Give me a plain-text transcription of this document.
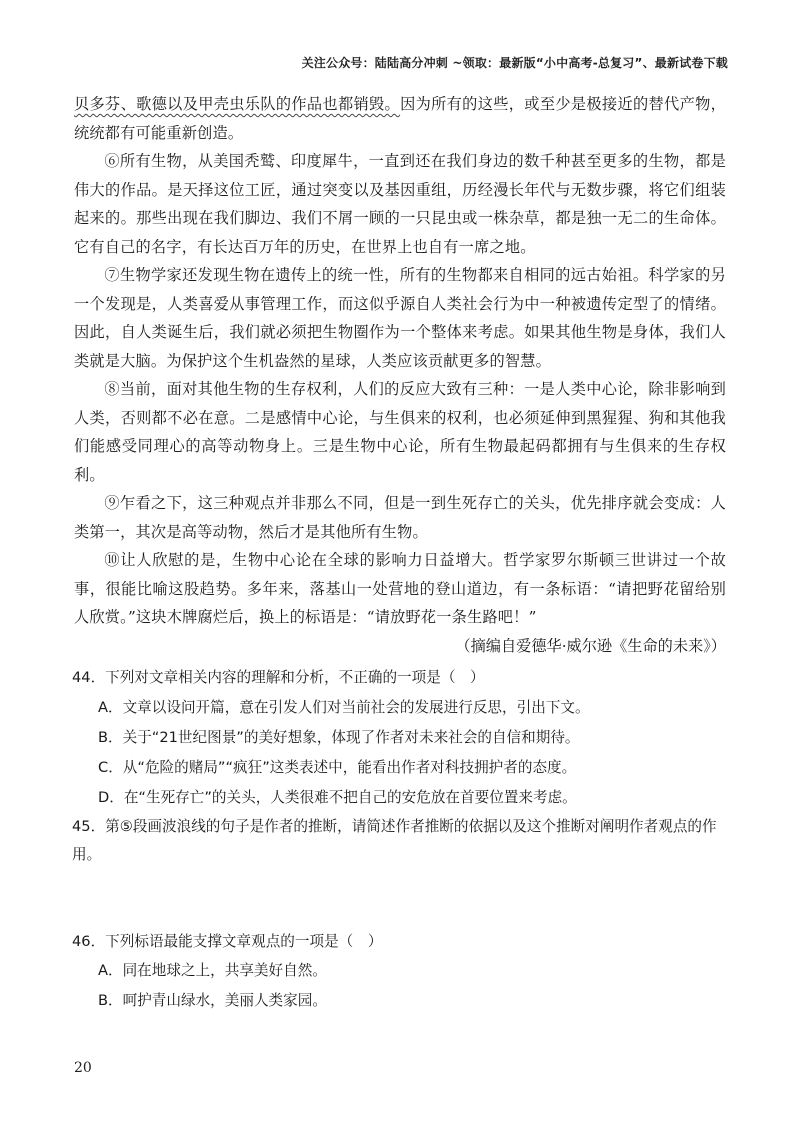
关注公众号：陆陆高分冲刺 ~领取：最新版“小中高考-总复习”、最新试卷下载

贝多芬、歌德以及甲壳虫乐队的作品也都销毁。因为所有的这些，或至少是极接近的替代产物，统统都有可能重新创造。

⑥所有生物，从美国秃鹫、印度犀牛，一直到还在我们身边的数千种甚至更多的生物，都是伟大的作品。是天择这位工匠，通过突变以及基因重组，历经漫长年代与无数步骤，将它们组装起来的。那些出现在我们脚边、我们不屑一顾的一只昆虫或一株杂草，都是独一无二的生命体。它有自己的名字，有长达百万年的历史，在世界上也自有一席之地。

⑦生物学家还发现生物在遗传上的统一性，所有的生物都来自相同的远古始祖。科学家的另一个发现是，人类喜爱从事管理工作，而这似乎源自人类社会行为中一种被遗传定型了的情绪。因此，自人类诞生后，我们就必须把生物圈作为一个整体来考虑。如果其他生物是身体，我们人类就是大脑。为保护这个生机盎然的星球，人类应该贡献更多的智慧。

⑧当前，面对其他生物的生存权利，人们的反应大致有三种：一是人类中心论，除非影响到人类，否则都不必在意。二是感情中心论，与生俱来的权利，也必须延伸到黑猩猩、狗和其他我们能感受同理心的高等动物身上。三是生物中心论，所有生物最起码都拥有与生俱来的生存权利。

⑨乍看之下，这三种观点并非那么不同，但是一到生死存亡的关头，优先排序就会变成：人类第一，其次是高等动物，然后才是其他所有生物。

⑩让人欣慰的是，生物中心论在全球的影响力日益增大。哲学家罗尔斯顿三世讲过一个故事，很能比喻这股趋势。多年来，落基山一处营地的登山道边，有一条标语：“请把野花留给别人欣赏。”这块木牌腐烂后，换上的标语是：“请放野花一条生路吧！”

（摘编自爱德华·威尔逊《生命的未来》）

44．下列对文章相关内容的理解和分析，不正确的一项是（　）

A．文章以设问开篇，意在引发人们对当前社会的发展进行反思，引出下文。

B．关于“21世纪图景”的美好想象，体现了作者对未来社会的自信和期待。

C．从“危险的赌局”“疯狂”这类表述中，能看出作者对科技拥护者的态度。

D．在“生死存亡”的关头，人类很难不把自己的安危放在首要位置来考虑。

45．第⑤段画波浪线的句子是作者的推断，请简述作者推断的依据以及这个推断对阐明作者观点的作用。

46．下列标语最能支撑文章观点的一项是（　）

A．同在地球之上，共享美好自然。

B．呵护青山绿水，美丽人类家园。

20
